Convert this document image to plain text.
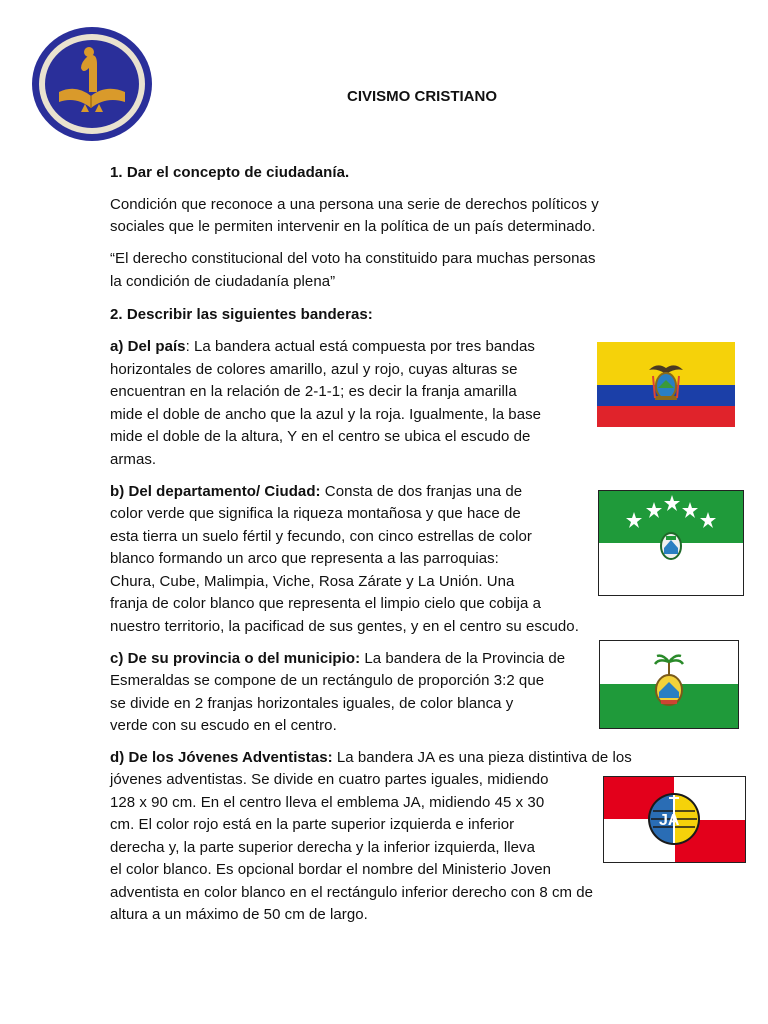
CIVISMO CRISTIANO
1. Dar el concepto de ciudadanía.
Condición que reconoce a una persona una serie de derechos políticos y
sociales que le permiten intervenir en la política de un país determinado.
“El derecho constitucional del voto ha constituido para muchas personas
la condición de ciudadanía plena”
2. Describir las siguientes banderas:
a) Del país: La bandera actual está compuesta por tres bandas
horizontales de colores amarillo, azul y rojo, cuyas alturas se
encuentran en la relación de 2-1-1; es decir la franja amarilla
mide el doble de ancho que la azul y la roja. Igualmente, la base
mide el doble de la altura, Y en el centro se ubica el escudo de
armas.
b) Del departamento/ Ciudad: Consta de dos franjas una de
color verde que significa la riqueza montañosa y que hace de
esta tierra un suelo fértil y fecundo, con cinco estrellas de color
blanco formando un arco que representa a las parroquias:
Chura, Cube, Malimpia, Viche, Rosa Zárate y La Unión. Una
franja de color blanco que representa el limpio cielo que cobija a
nuestro territorio, la pacificad de sus gentes, y en el centro su escudo.
c) De su provincia o del municipio: La bandera de la Provincia de
Esmeraldas se compone de un rectángulo de proporción 3:2 que
se divide en 2 franjas horizontales iguales, de color blanca y
verde con su escudo en el centro.
d) De los Jóvenes Adventistas: La bandera JA es una pieza distintiva de los
jóvenes adventistas. Se divide en cuatro partes iguales, midiendo
128 x 90 cm. En el centro lleva el emblema JA, midiendo 45 x 30
cm. El color rojo está en la parte superior izquierda e inferior
derecha y, la parte superior derecha y la inferior izquierda, lleva
el color blanco. Es opcional bordar el nombre del Ministerio Joven
adventista en color blanco en el rectángulo inferior derecho con 8 cm de
altura a un máximo de 50 cm de largo.
JA
